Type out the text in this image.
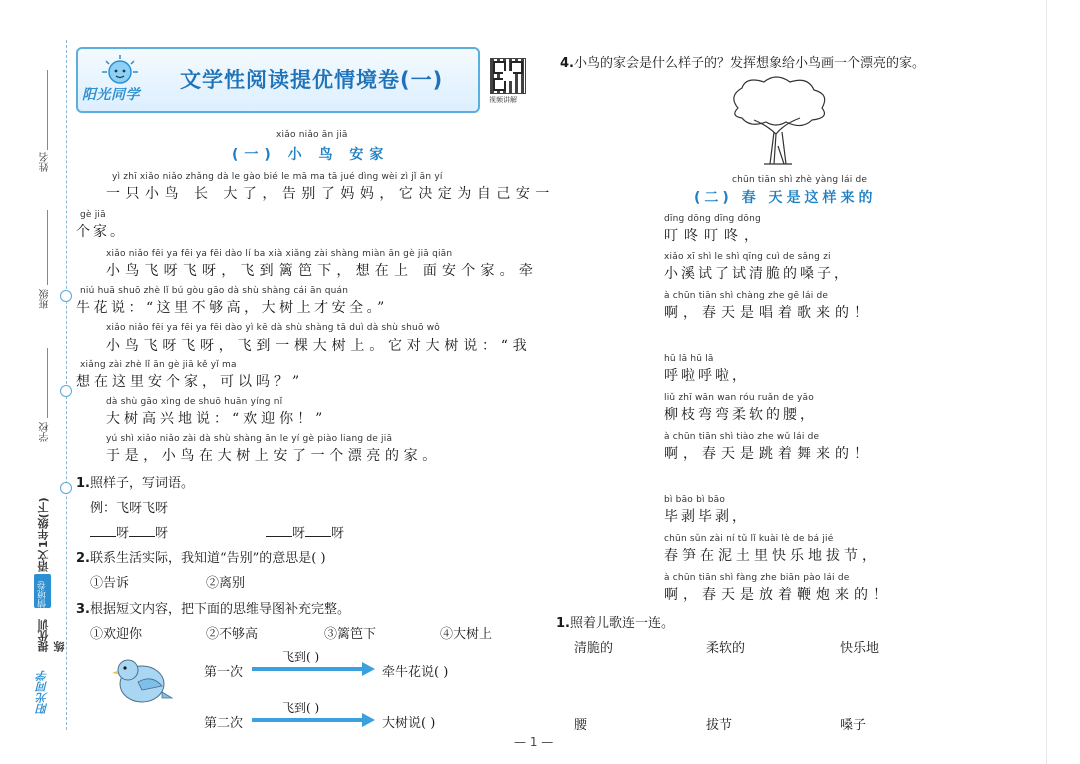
姓名
班级
学校
1年级(下)
语文
情境卷
提优训练
阳光同学
阳光同学
文学性阅读提优情境卷(一)
视频讲解
xiǎo niǎo ān jiā
(一) 小 鸟 安家
yì zhī xiǎo niǎo zhǎng dà le gào bié le mā ma tā jué dìng wèi zì jǐ ān yí
一只小鸟 长 大了，告别了妈妈，它决定为自己安一
gè jiā
个家。
xiǎo niǎo fēi ya fēi ya fēi dào lí ba xià xiǎng zài shàng miàn ān gè jiā qiān
小鸟飞呀飞呀，飞到篱笆下，想在上 面安个家。牵
niú huā shuō zhè lǐ bú gòu gāo dà shù shàng cái ān quán
牛花说：“这里不够高，大树上才安全。”
xiǎo niǎo fēi ya fēi ya fēi dào yì kē dà shù shàng tā duì dà shù shuō wǒ
小鸟飞呀飞呀，飞到一棵大树上。它对大树说：“我
xiǎng zài zhè lǐ ān gè jiā kě yǐ ma
想在这里安个家，可以吗？”
dà shù gāo xìng de shuō huān yíng nǐ
大树高兴地说：“欢迎你！”
yú shì xiǎo niǎo zài dà shù shàng ān le yí gè piào liang de jiā
于是，小鸟在大树上安了一个漂亮的家。
1.照样子，写词语。
例：飞呀飞呀
呀 呀	呀 呀
2.联系生活实际，我知道“告别”的意思是( )
①告诉	②离别
3.根据短文内容，把下面的思维导图补充完整。
①欢迎你	②不够高	③篱笆下	④大树上
第一次
飞到( )
牵牛花说( )
第二次
飞到( )
大树说( )
4.小鸟的家会是什么样子的？发挥想象给小鸟画一个漂亮的家。
chūn tiān shì zhè yàng lái de
(二) 春 天是这样来的
dīng dōng dīng dōng
叮咚叮咚，
xiǎo xī shì le shì qīng cuì de sǎng zi
小溪试了试清脆的嗓子，
à chūn tiān shì chàng zhe gē lái de
啊，春天是唱着歌来的！
hū lā hū lā
呼啦呼啦，
liǔ zhī wān wan róu ruǎn de yāo
柳枝弯弯柔软的腰，
à chūn tiān shì tiào zhe wǔ lái de
啊，春天是跳着舞来的！
bì bāo bì bāo
毕剥毕剥，
chūn sǔn zài ní tǔ lǐ kuài lè de bá jié
春笋在泥土里快乐地拔节，
à chūn tiān shì fàng zhe biān pào lái de
啊，春天是放着鞭炮来的！
1.照着儿歌连一连。
清脆的	柔软的	快乐地
腰	拔节	嗓子
— 1 —
